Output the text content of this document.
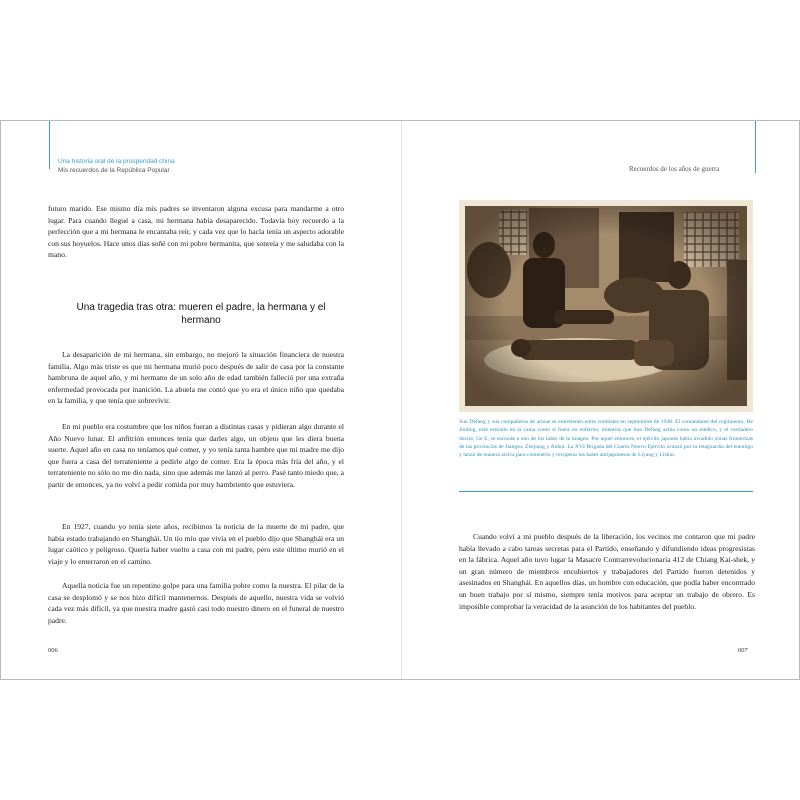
Una historia oral de la prosperidad china
Mis recuerdos de la República Popular	Recuerdos de los años de guerra

futuro marido. Ese mismo día mis padres se inventaron alguna excusa para mandarme a otro lugar. Para cuando llegué a casa, mi hermana había desaparecido. Todavía hoy recuerdo a la perfección que a mi hermana le encantaba reír, y cada vez que lo hacía tenía un aspecto adorable con sus hoyuelos. Hace unos días soñé con mi pobre hermanita, que sonreía y me saludaba con la mano.

Una tragedia tras otra: mueren el padre, la hermana y el hermano

La desaparición de mi hermana, sin embargo, no mejoró la situación financiera de nuestra familia. Algo más triste es que mi hermana murió poco después de salir de casa por la constante hambruna de aquel año, y mi hermano de un solo año de edad también falleció por una extraña enfermedad provocada por inanición. La abuela me contó que yo era el único niño que quedaba en la familia, y que tenía que sobrevivir.

En mi pueblo era costumbre que los niños fueran a distintas casas y pidieran algo durante el Año Nuevo lunar. El anfitrión entonces tenía que darles algo, un objeto que les diera buena suerte. Aquel año en casa no teníamos qué comer, y yo tenía tanta hambre que mi madre me dijo que fuera a casa del terrateniente a pedirle algo de comer. Era la época más fría del año, y el terrateniente no sólo no me dio nada, sino que además me lanzó al perro. Pasé tanto miedo que, a partir de entonces, ya no volví a pedir comida por muy hambriento que estuviera.

En 1927, cuando yo tenía siete años, recibimos la noticia de la muerte de mi padre, que había estado trabajando en Shanghái. Un tío mío que vivía en el pueblo dijo que Shanghái era un lugar caótico y peligroso. Quería haber vuelto a casa con mi padre, pero este último murió en el viaje y lo enterraron en el camino.

Aquella noticia fue un repentino golpe para una familia pobre como la nuestra. El pilar de la casa se desplomó y se nos hizo difícil mantenernos. Después de aquello, nuestra vida se volvió cada vez más difícil, ya que nuestra madre gastó casi todo nuestro dinero en el funeral de nuestro padre.

006

Sun Defang y sus compañeros de armas se entretienen entre combates en septiembre de 1940. El comandante del regimiento, He Jinding, está estirado en la cama como si fuera un enfermo, mientras que Sun Defang actúa como un médico, y el verdadero doctor, Ge E, se esconde a uno de los lados de la imagen. Por aquel entonces, el ejército japonés había invadido zonas fronterizas de las provincias de Jiangsu, Zhejiang y Anhui. La XVI Brigada del Cuarto Nuevo Ejército avanzó por la retaguardia del enemigo y lanzó de manera activa para contenerlo y recuperar las bases antijaponesas de Liyang y Lishui.

Cuando volví a mi pueblo después de la liberación, los vecinos me contaron que mi padre había llevado a cabo tareas secretas para el Partido, enseñando y difundiendo ideas progresistas en la fábrica. Aquel año tuvo lugar la Masacre Contrarrevolucionaria 412 de Chiang Kai-shek, y un gran número de miembros encubiertos y trabajadores del Partido fueron detenidos y asesinados en Shanghái. En aquellos días, un hombre con educación, que podía haber encontrado un buen trabajo por sí mismo, siempre tenía motivos para aceptar un trabajo de obrero. Es imposible comprobar la veracidad de la asunción de los habitantes del pueblo.

007
